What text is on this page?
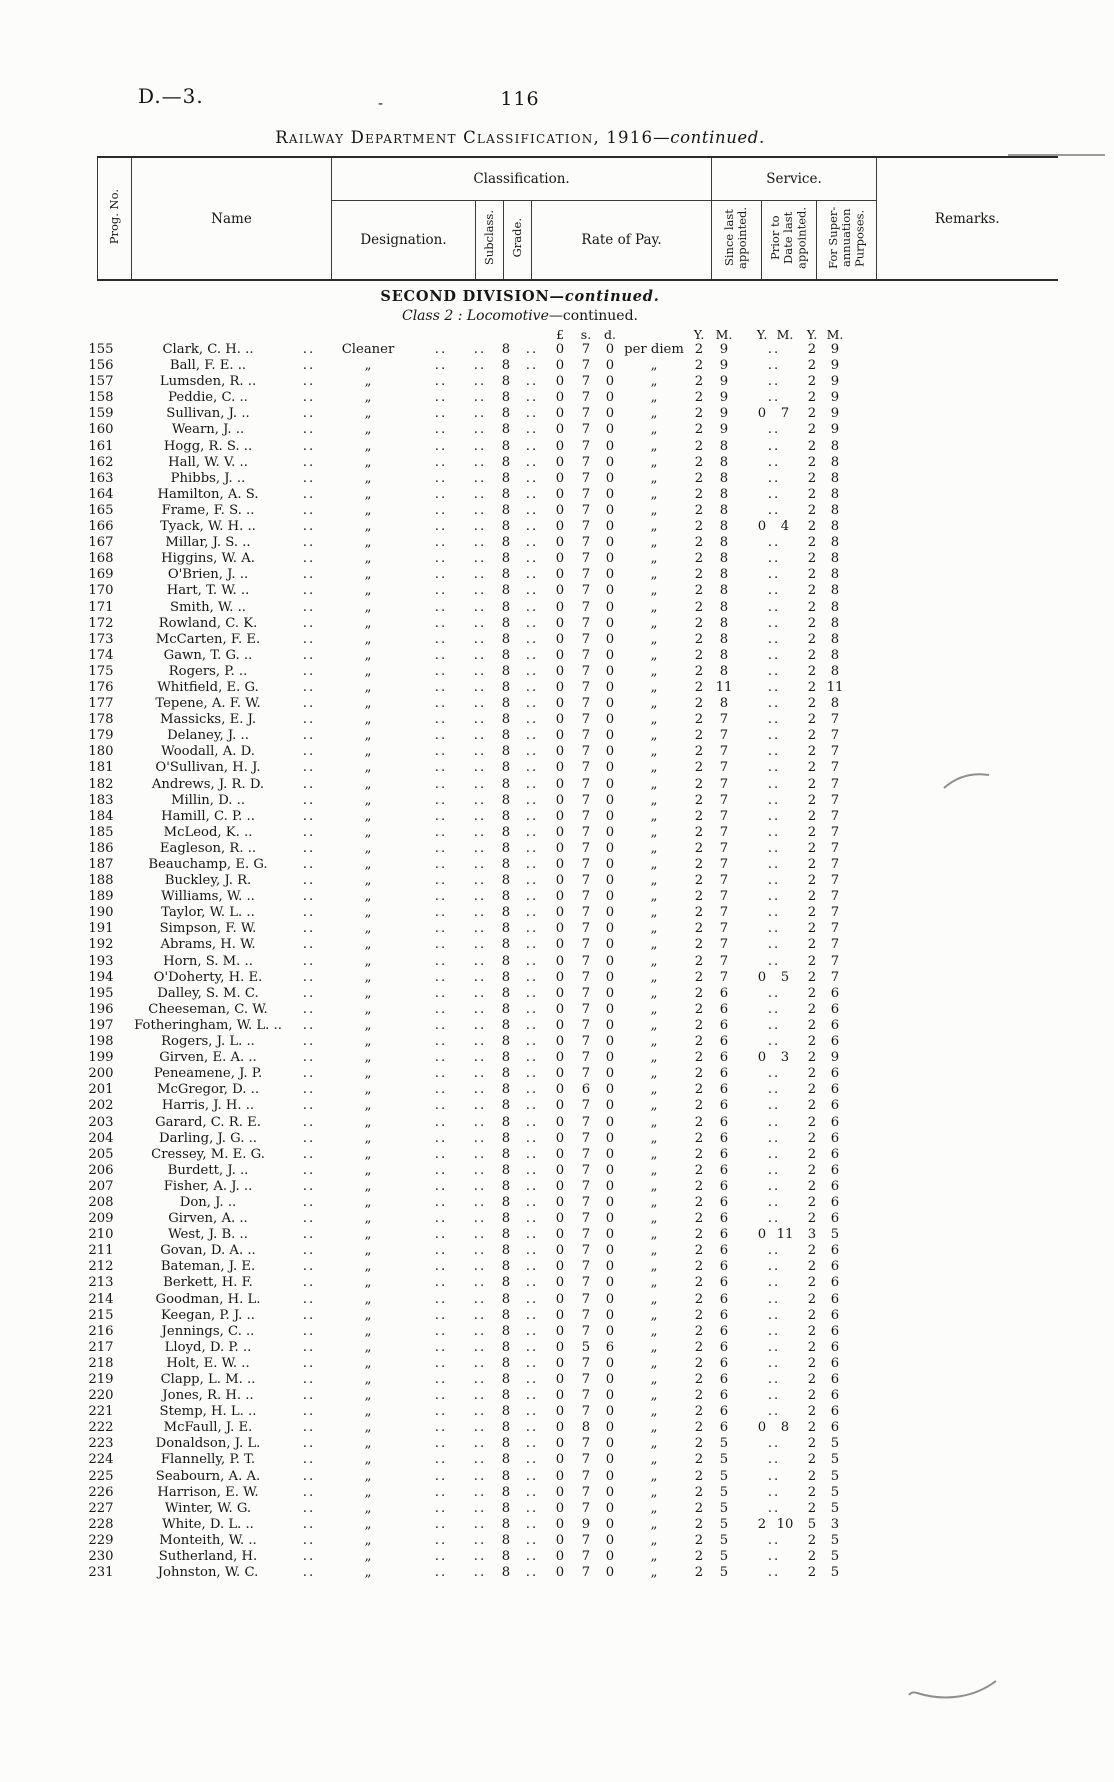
D.—3.	-	116
Railway Department Classification, 1916—continued.
Prog. No.	Name	Classification.				Service.			Remarks.
		Designation.	Subclass.	Grade.	Rate of Pay.	Since last appointed.	Prior to Date last appointed.	For Super-annuation Purposes.	
SECOND DIVISION—continued.
Class 2 : Locomotive—continued.
								£	s.	d.		Y.	M.		Y.	M.		Y.	M.
155	Clark, C. H. ..	..	Cleaner	..	..	8	..	0	7	0	per diem	2	9		..			2	9
156	Ball, F. E. ..	..	„	..	..	8	..	0	7	0	„	2	9		..			2	9
157	Lumsden, R. ..	..	„	..	..	8	..	0	7	0	„	2	9		..			2	9
158	Peddie, C. ..	..	„	..	..	8	..	0	7	0	„	2	9		..			2	9
159	Sullivan, J. ..	..	„	..	..	8	..	0	7	0	„	2	9		0	7		2	9
160	Wearn, J. ..	..	„	..	..	8	..	0	7	0	„	2	9		..			2	9
161	Hogg, R. S. ..	..	„	..	..	8	..	0	7	0	„	2	8		..			2	8
162	Hall, W. V. ..	..	„	..	..	8	..	0	7	0	„	2	8		..			2	8
163	Phibbs, J. ..	..	„	..	..	8	..	0	7	0	„	2	8		..			2	8
164	Hamilton, A. S.	..	„	..	..	8	..	0	7	0	„	2	8		..			2	8
165	Frame, F. S. ..	..	„	..	..	8	..	0	7	0	„	2	8		..			2	8
166	Tyack, W. H. ..	..	„	..	..	8	..	0	7	0	„	2	8		0	4		2	8
167	Millar, J. S. ..	..	„	..	..	8	..	0	7	0	„	2	8		..			2	8
168	Higgins, W. A.	..	„	..	..	8	..	0	7	0	„	2	8		..			2	8
169	O'Brien, J. ..	..	„	..	..	8	..	0	7	0	„	2	8		..			2	8
170	Hart, T. W. ..	..	„	..	..	8	..	0	7	0	„	2	8		..			2	8
171	Smith, W. ..	..	„	..	..	8	..	0	7	0	„	2	8		..			2	8
172	Rowland, C. K.	..	„	..	..	8	..	0	7	0	„	2	8		..			2	8
173	McCarten, F. E.	..	„	..	..	8	..	0	7	0	„	2	8		..			2	8
174	Gawn, T. G. ..	..	„	..	..	8	..	0	7	0	„	2	8		..			2	8
175	Rogers, P. ..	..	„	..	..	8	..	0	7	0	„	2	8		..			2	8
176	Whitfield, E. G.	..	„	..	..	8	..	0	7	0	„	2	11		..			2	11
177	Tepene, A. F. W.	..	„	..	..	8	..	0	7	0	„	2	8		..			2	8
178	Massicks, E. J.	..	„	..	..	8	..	0	7	0	„	2	7		..			2	7
179	Delaney, J. ..	..	„	..	..	8	..	0	7	0	„	2	7		..			2	7
180	Woodall, A. D.	..	„	..	..	8	..	0	7	0	„	2	7		..			2	7
181	O'Sullivan, H. J.	..	„	..	..	8	..	0	7	0	„	2	7		..			2	7
182	Andrews, J. R. D.	..	„	..	..	8	..	0	7	0	„	2	7		..			2	7
183	Millin, D. ..	..	„	..	..	8	..	0	7	0	„	2	7		..			2	7
184	Hamill, C. P. ..	..	„	..	..	8	..	0	7	0	„	2	7		..			2	7
185	McLeod, K. ..	..	„	..	..	8	..	0	7	0	„	2	7		..			2	7
186	Eagleson, R. ..	..	„	..	..	8	..	0	7	0	„	2	7		..			2	7
187	Beauchamp, E. G.	..	„	..	..	8	..	0	7	0	„	2	7		..			2	7
188	Buckley, J. R.	..	„	..	..	8	..	0	7	0	„	2	7		..			2	7
189	Williams, W. ..	..	„	..	..	8	..	0	7	0	„	2	7		..			2	7
190	Taylor, W. L. ..	..	„	..	..	8	..	0	7	0	„	2	7		..			2	7
191	Simpson, F. W.	..	„	..	..	8	..	0	7	0	„	2	7		..			2	7
192	Abrams, H. W.	..	„	..	..	8	..	0	7	0	„	2	7		..			2	7
193	Horn, S. M. ..	..	„	..	..	8	..	0	7	0	„	2	7		..			2	7
194	O'Doherty, H. E.	..	„	..	..	8	..	0	7	0	„	2	7		0	5		2	7
195	Dalley, S. M. C.	..	„	..	..	8	..	0	7	0	„	2	6		..			2	6
196	Cheeseman, C. W.	..	„	..	..	8	..	0	7	0	„	2	6		..			2	6
197	Fotheringham, W. L. ..	..	„	..	..	8	..	0	7	0	„	2	6		..			2	6
198	Rogers, J. L. ..	..	„	..	..	8	..	0	7	0	„	2	6		..			2	6
199	Girven, E. A. ..	..	„	..	..	8	..	0	7	0	„	2	6		0	3		2	9
200	Peneamene, J. P.	..	„	..	..	8	..	0	7	0	„	2	6		..			2	6
201	McGregor, D. ..	..	„	..	..	8	..	0	6	0	„	2	6		..			2	6
202	Harris, J. H. ..	..	„	..	..	8	..	0	7	0	„	2	6		..			2	6
203	Garard, C. R. E.	..	„	..	..	8	..	0	7	0	„	2	6		..			2	6
204	Darling, J. G. ..	..	„	..	..	8	..	0	7	0	„	2	6		..			2	6
205	Cressey, M. E. G.	..	„	..	..	8	..	0	7	0	„	2	6		..			2	6
206	Burdett, J. ..	..	„	..	..	8	..	0	7	0	„	2	6		..			2	6
207	Fisher, A. J. ..	..	„	..	..	8	..	0	7	0	„	2	6		..			2	6
208	Don, J. ..	..	„	..	..	8	..	0	7	0	„	2	6		..			2	6
209	Girven, A. ..	..	„	..	..	8	..	0	7	0	„	2	6		..			2	6
210	West, J. B. ..	..	„	..	..	8	..	0	7	0	„	2	6		0	11		3	5
211	Govan, D. A. ..	..	„	..	..	8	..	0	7	0	„	2	6		..			2	6
212	Bateman, J. E.	..	„	..	..	8	..	0	7	0	„	2	6		..			2	6
213	Berkett, H. F.	..	„	..	..	8	..	0	7	0	„	2	6		..			2	6
214	Goodman, H. L.	..	„	..	..	8	..	0	7	0	„	2	6		..			2	6
215	Keegan, P. J. ..	..	„	..	..	8	..	0	7	0	„	2	6		..			2	6
216	Jennings, C. ..	..	„	..	..	8	..	0	7	0	„	2	6		..			2	6
217	Lloyd, D. P. ..	..	„	..	..	8	..	0	5	6	„	2	6		..			2	6
218	Holt, E. W. ..	..	„	..	..	8	..	0	7	0	„	2	6		..			2	6
219	Clapp, L. M. ..	..	„	..	..	8	..	0	7	0	„	2	6		..			2	6
220	Jones, R. H. ..	..	„	..	..	8	..	0	7	0	„	2	6		..			2	6
221	Stemp, H. L. ..	..	„	..	..	8	..	0	7	0	„	2	6		..			2	6
222	McFaull, J. E.	..	„	..	..	8	..	0	8	0	„	2	6		0	8		2	6
223	Donaldson, J. L.	..	„	..	..	8	..	0	7	0	„	2	5		..			2	5
224	Flannelly, P. T.	..	„	..	..	8	..	0	7	0	„	2	5		..			2	5
225	Seabourn, A. A.	..	„	..	..	8	..	0	7	0	„	2	5		..			2	5
226	Harrison, E. W.	..	„	..	..	8	..	0	7	0	„	2	5		..			2	5
227	Winter, W. G.	..	„	..	..	8	..	0	7	0	„	2	5		..			2	5
228	White, D. L. ..	..	„	..	..	8	..	0	9	0	„	2	5		2	10		5	3
229	Monteith, W. ..	..	„	..	..	8	..	0	7	0	„	2	5		..			2	5
230	Sutherland, H.	..	„	..	..	8	..	0	7	0	„	2	5		..			2	5
231	Johnston, W. C.	..	„	..	..	8	..	0	7	0	„	2	5		..			2	5
